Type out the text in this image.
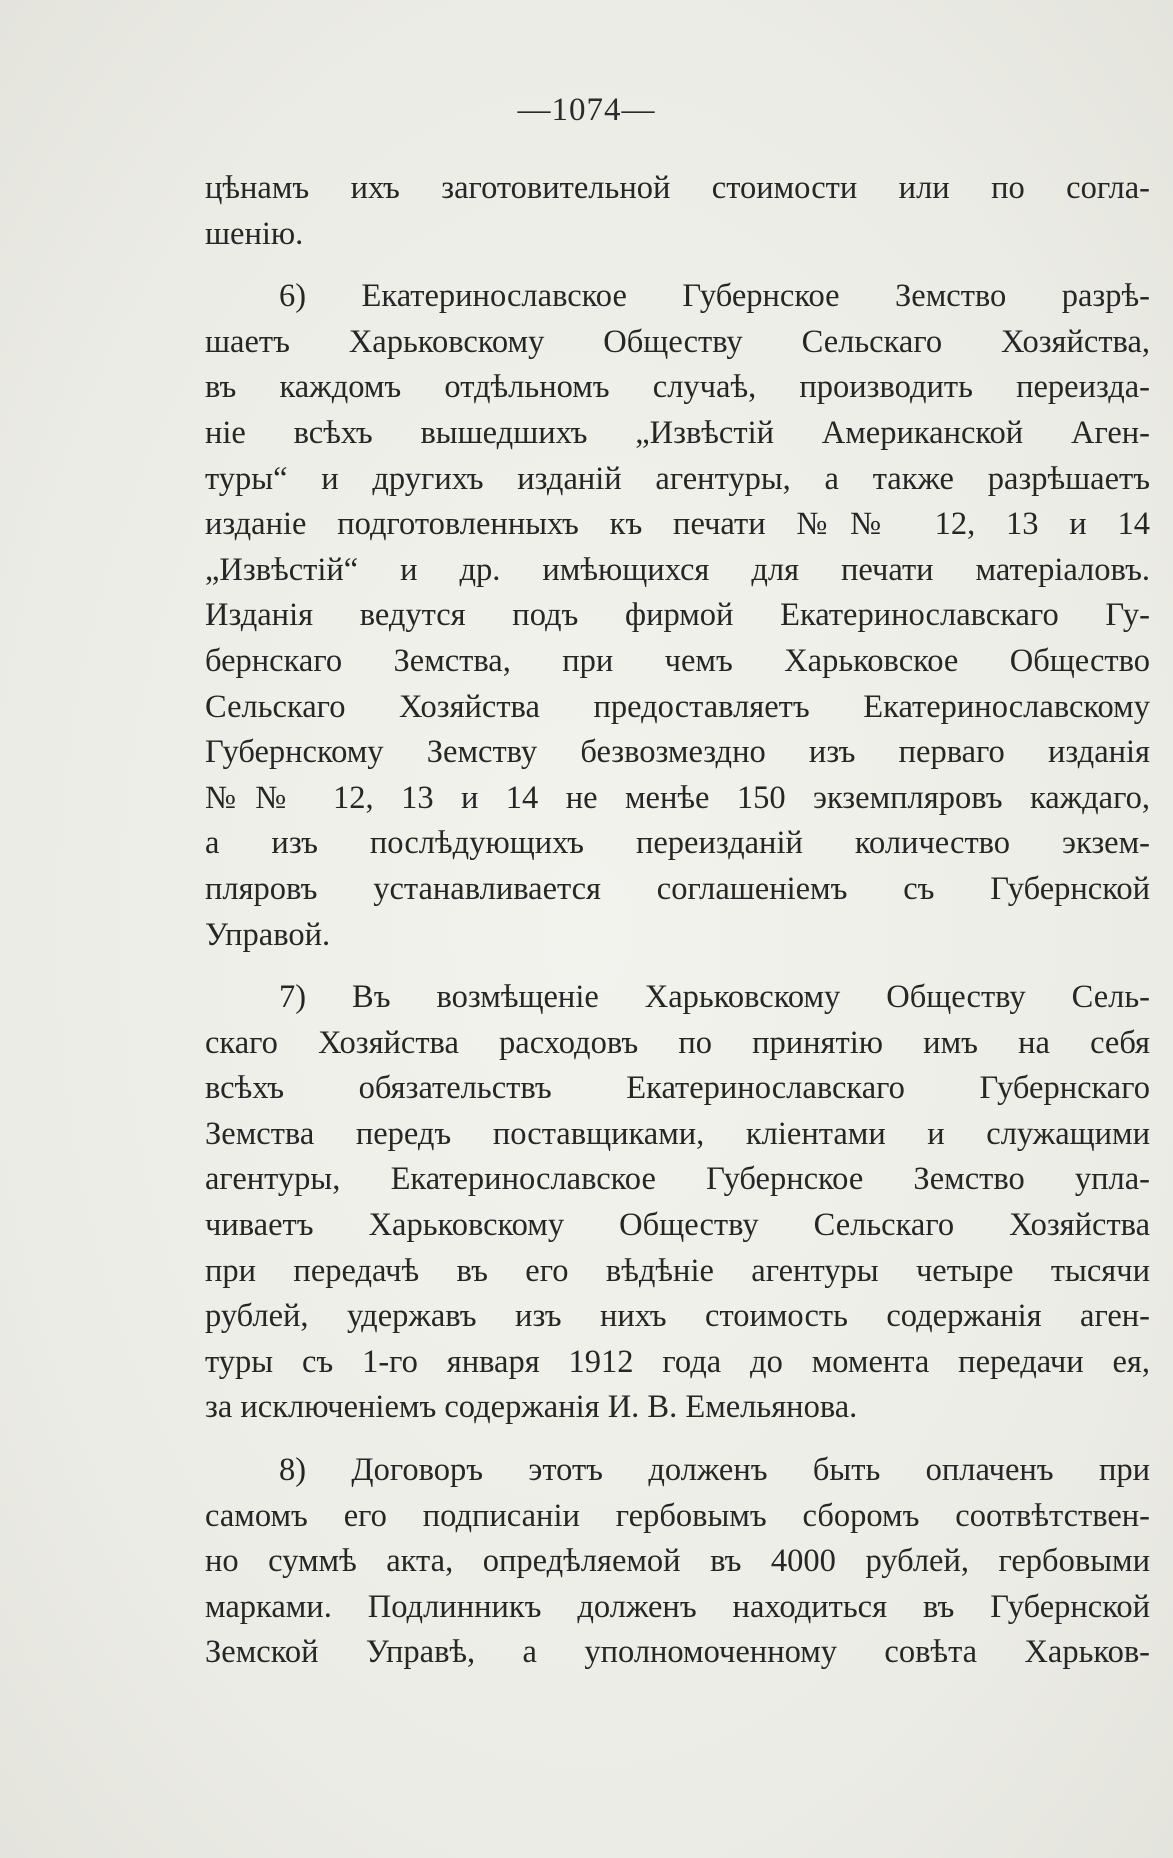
—1074—

цѣнамъ ихъ заготовительной стоимости или по согла-
шенію.

6) Екатеринославское Губернское Земство разрѣ-
шаетъ Харьковскому Обществу Сельскаго Хозяйства,
въ каждомъ отдѣльномъ случаѣ, производить переизда-
ніе всѣхъ вышедшихъ „Извѣстій Американской Аген-
туры“ и другихъ изданій агентуры, а также разрѣшаетъ
изданіе подготовленныхъ къ печати №№ 12, 13 и 14
„Извѣстій“ и др. имѣющихся для печати матеріаловъ.
Изданія ведутся подъ фирмой Екатеринославскаго Гу-
бернскаго Земства, при чемъ Харьковское Общество
Сельскаго Хозяйства предоставляетъ Екатеринославскому
Губернскому Земству безвозмездно изъ перваго изданія
№№ 12, 13 и 14 не менѣе 150 экземпляровъ каждаго,
а изъ послѣдующихъ переизданій количество экзем-
пляровъ устанавливается соглашеніемъ съ Губернской
Управой.

7) Въ возмѣщеніе Харьковскому Обществу Сель-
скаго Хозяйства расходовъ по принятію имъ на себя
всѣхъ обязательствъ Екатеринославскаго Губернскаго
Земства передъ поставщиками, кліентами и служащими
агентуры, Екатеринославское Губернское Земство упла-
чиваетъ Харьковскому Обществу Сельскаго Хозяйства
при передачѣ въ его вѣдѣніе агентуры четыре тысячи
рублей, удержавъ изъ нихъ стоимость содержанія аген-
туры съ 1-го января 1912 года до момента передачи ея,
за исключеніемъ содержанія И. В. Емельянова.

8) Договоръ этотъ долженъ быть оплаченъ при
самомъ его подписаніи гербовымъ сборомъ соотвѣтствен-
но суммѣ акта, опредѣляемой въ 4000 рублей, гербовыми
марками. Подлинникъ долженъ находиться въ Губернской
Земской Управѣ, а уполномоченному совѣта Харьков-
